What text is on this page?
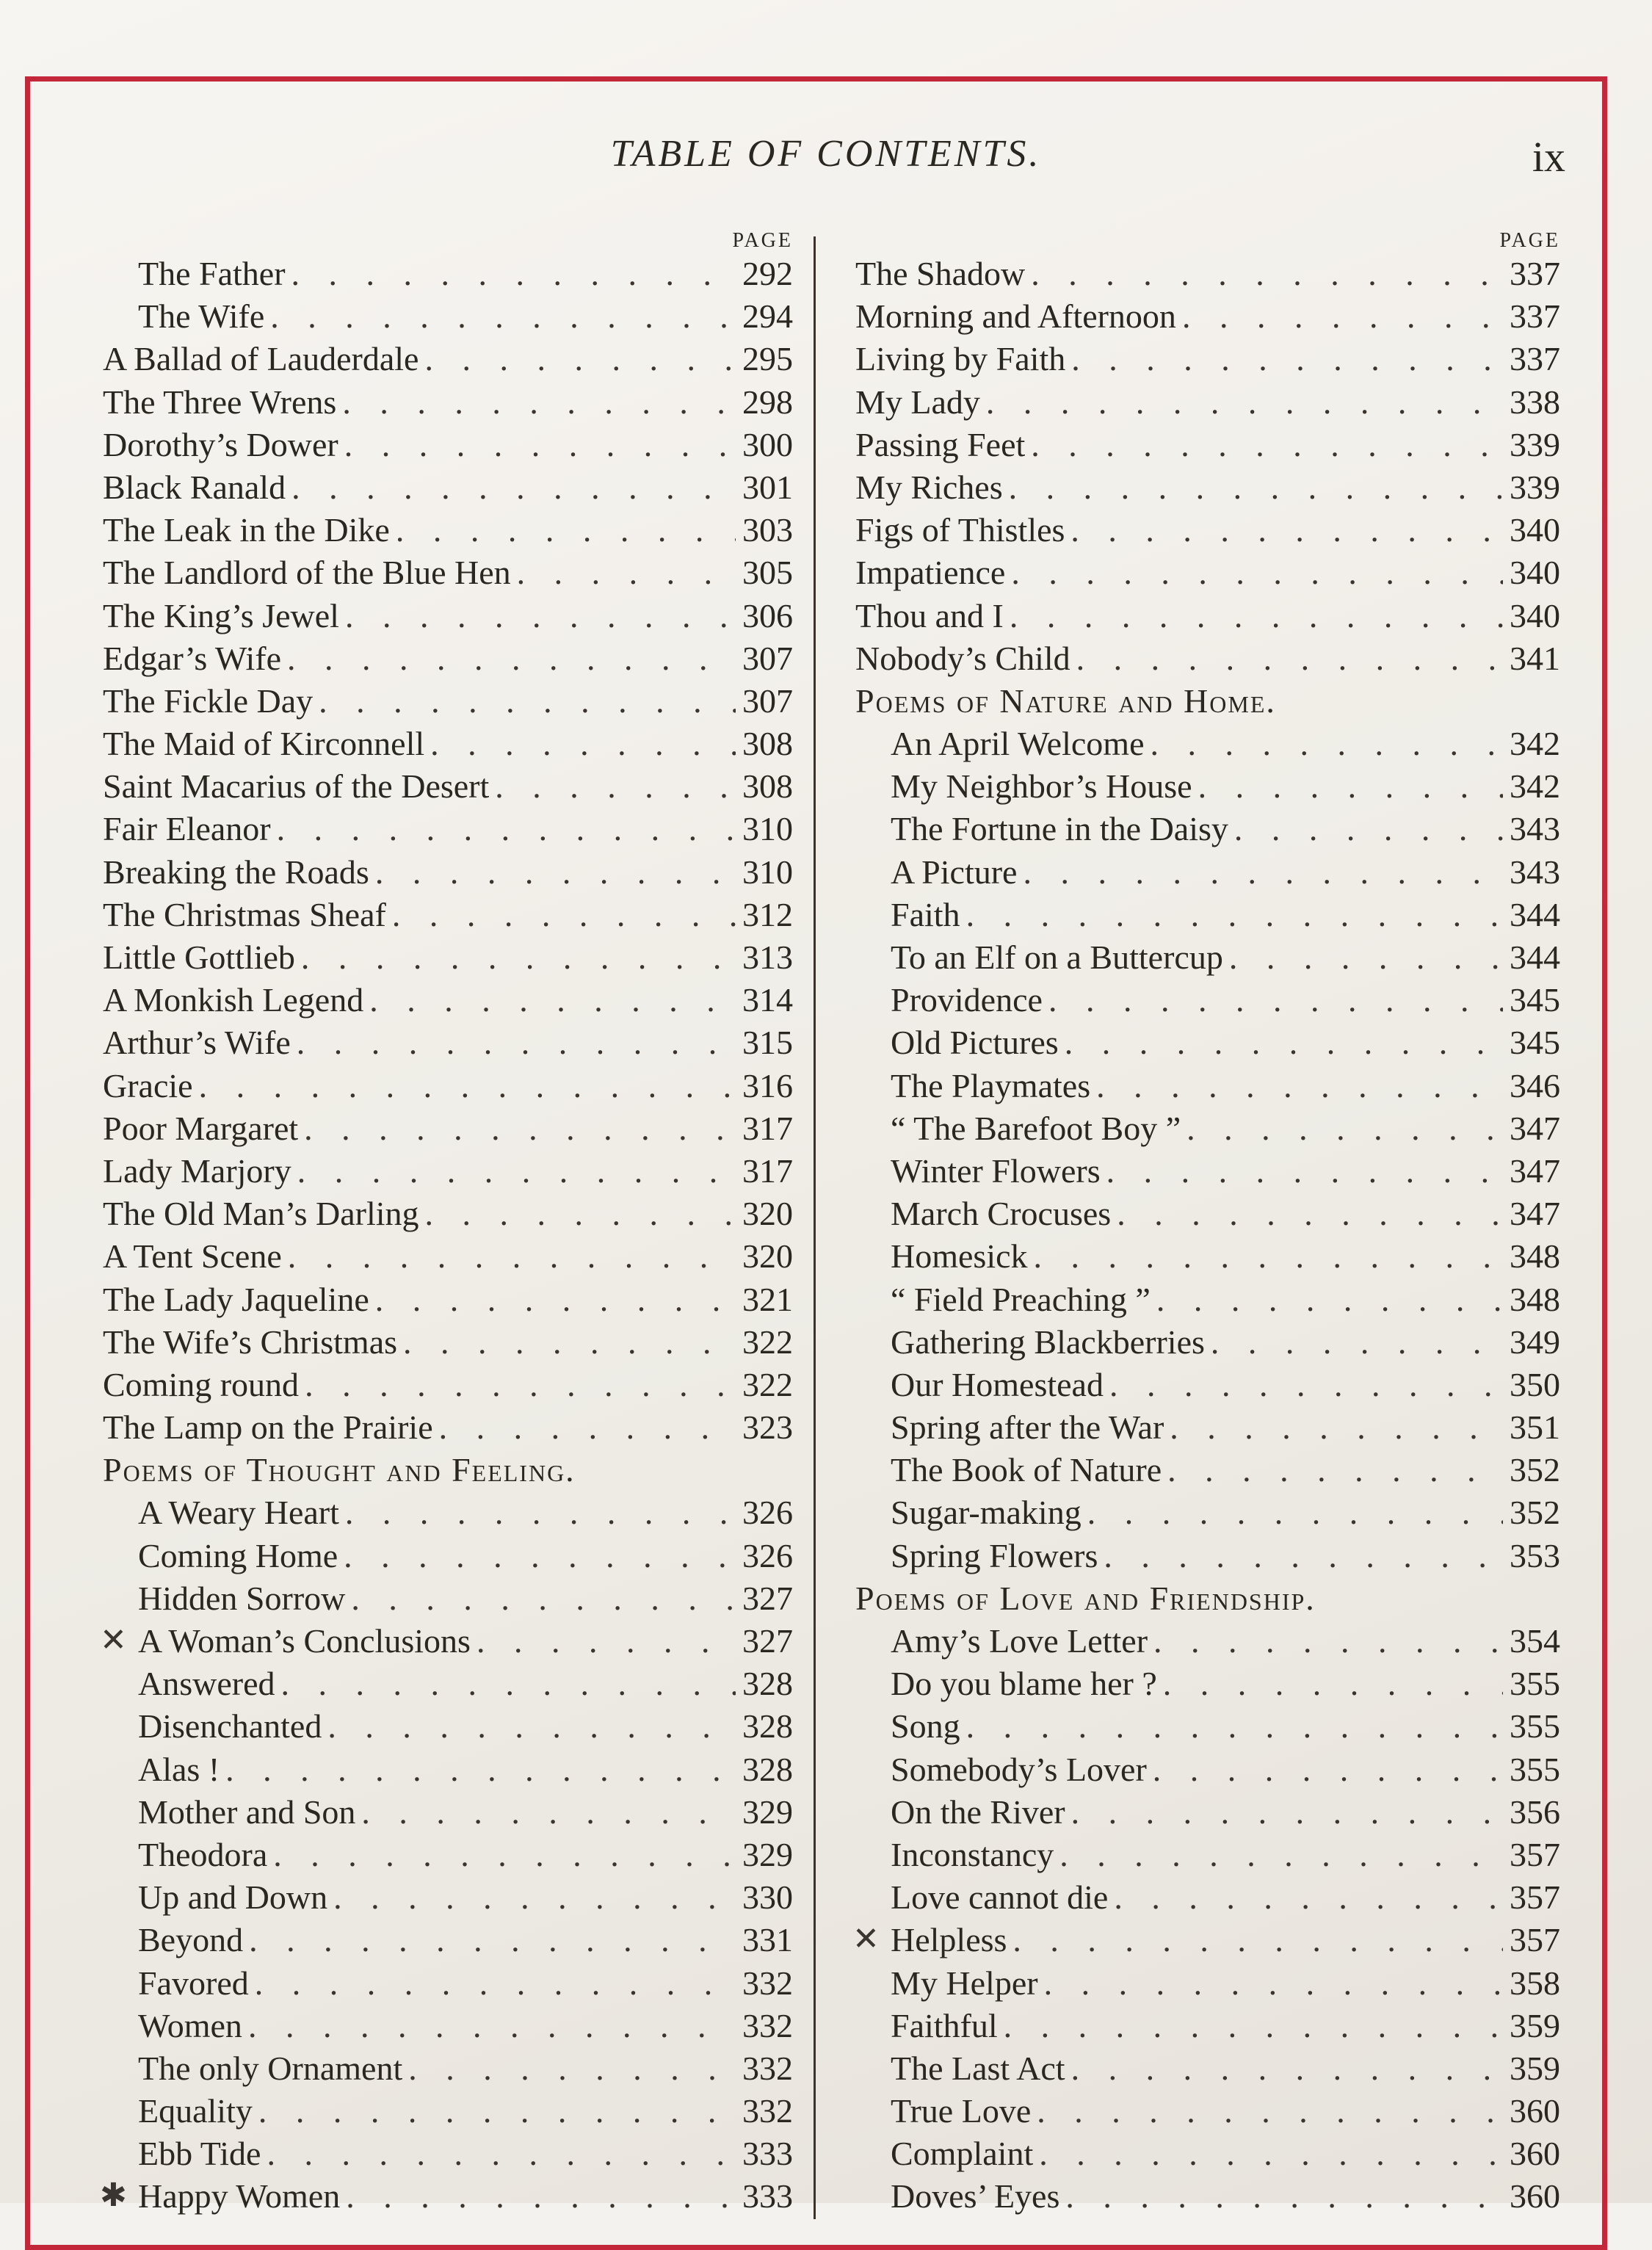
TABLE OF CONTENTS.	ix
PAGE
The Father . . .	292
The Wife . . .	294
A Ballad of Lauderdale . . .	295
The Three Wrens . . .	298
Dorothy’s Dower . . .	300
Black Ranald . . .	301
The Leak in the Dike . . .	303
The Landlord of the Blue Hen . . .	305
The King’s Jewel . . .	306
Edgar’s Wife . . .	307
The Fickle Day . . .	307
The Maid of Kirconnell . . .	308
Saint Macarius of the Desert . . .	308
Fair Eleanor . . .	310
Breaking the Roads . . .	310
The Christmas Sheaf . . .	312
Little Gottlieb . . .	313
A Monkish Legend . . .	314
Arthur’s Wife . . .	315
Gracie . . .	316
Poor Margaret . . .	317
Lady Marjory . . .	317
The Old Man’s Darling . . .	320
A Tent Scene . . .	320
The Lady Jaqueline . . .	321
The Wife’s Christmas . . .	322
Coming round . . .	322
The Lamp on the Prairie . . .	323
Poems of Thought and Feeling.
A Weary Heart . . .	326
Coming Home . . .	326
Hidden Sorrow . . .	327
✕ A Woman’s Conclusions . . .	327
Answered . . .	328
Disenchanted . . .	328
Alas ! . . .	328
Mother and Son . . .	329
Theodora . . .	329
Up and Down . . .	330
Beyond . . .	331
Favored . . .	332
Women . . .	332
The only Ornament . . .	332
Equality . . .	332
Ebb Tide . . .	333
✱ Happy Women . . .	333
PAGE
The Shadow . . .	337
Morning and Afternoon . . .	337
Living by Faith . . .	337
My Lady . . .	338
Passing Feet . . .	339
My Riches . . .	339
Figs of Thistles . . .	340
Impatience . . .	340
Thou and I . . .	340
Nobody’s Child . . .	341
Poems of Nature and Home.
An April Welcome . . .	342
My Neighbor’s House . . .	342
The Fortune in the Daisy . . .	343
A Picture . . .	343
Faith . . .	344
To an Elf on a Buttercup . . .	344
Providence . . .	345
Old Pictures . . .	345
The Playmates . . .	346
“ The Barefoot Boy ” . . .	347
Winter Flowers . . .	347
March Crocuses . . .	347
Homesick . . .	348
“ Field Preaching ” . . .	348
Gathering Blackberries . . .	349
Our Homestead . . .	350
Spring after the War . . .	351
The Book of Nature . . .	352
Sugar-making . . .	352
Spring Flowers . . .	353
Poems of Love and Friendship.
Amy’s Love Letter . . .	354
Do you blame her ? . . .	355
Song . . .	355
Somebody’s Lover . . .	355
On the River . . .	356
Inconstancy . . .	357
Love cannot die . . .	357
✕ Helpless . . .	357
My Helper . . .	358
Faithful . . .	359
The Last Act . . .	359
True Love . . .	360
Complaint . . .	360
Doves’ Eyes . . .	360
